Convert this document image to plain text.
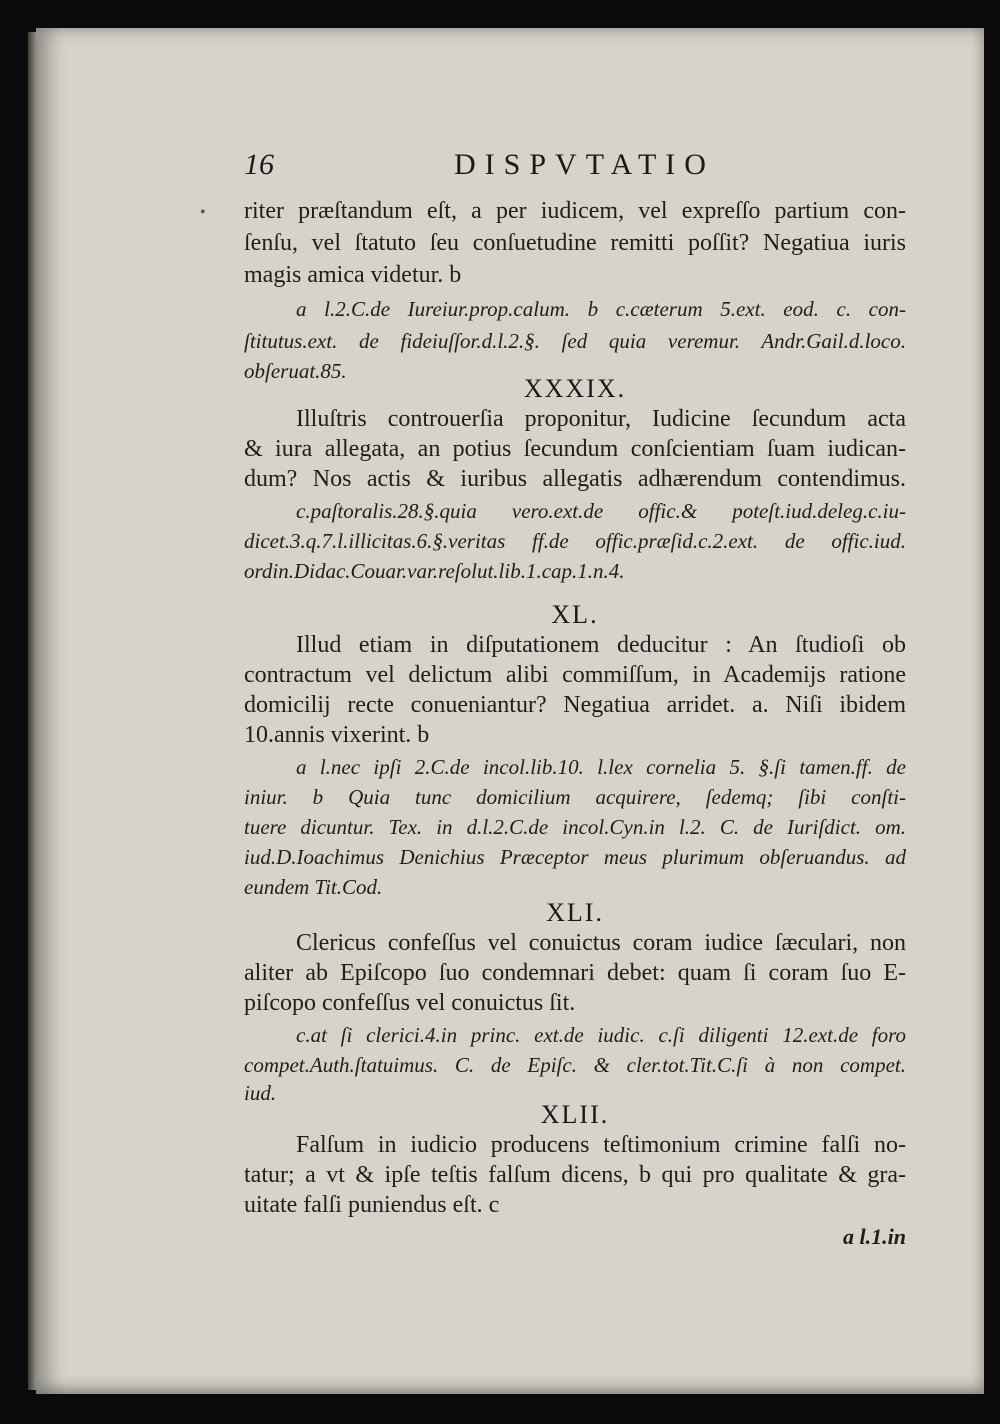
16	DISPVTATIO
• riter præſtandum eſt, a per iudicem, vel expreſſo partium con-
ſenſu, vel ſtatuto ſeu conſuetudine remitti poſſit? Negatiua iuris
magis amica videtur. b
a l.2.C.de Iureiur.prop.calum. b c.cæterum 5.ext. eod. c. con-
ſtitutus.ext. de fideiuſſor.d.l.2.§. ſed quia veremur. Andr.Gail.d.loco.
obſeruat.85.
XXXIX.
Illuſtris controuerſia proponitur, Iudicine ſecundum acta
& iura allegata, an potius ſecundum conſcientiam ſuam iudican-
dum? Nos actis & iuribus allegatis adhærendum contendimus.
c.paſtoralis.28.§.quia vero.ext.de offic.& poteſt.iud.deleg.c.iu-
dicet.3.q.7.l.illicitas.6.§.veritas ff.de offic.præſid.c.2.ext. de offic.iud.
ordin.Didac.Couar.var.reſolut.lib.1.cap.1.n.4.
XL.
Illud etiam in diſputationem deducitur : An ſtudioſi ob
contractum vel delictum alibi commiſſum, in Academijs ratione
domicilij recte conueniantur? Negatiua arridet. a. Niſi ibidem
10.annis vixerint. b
a l.nec ipſi 2.C.de incol.lib.10. l.lex cornelia 5. §.ſi tamen.ff. de
iniur. b Quia tunc domicilium acquirere, ſedemq; ſibi conſti-
tuere dicuntur. Tex. in d.l.2.C.de incol.Cyn.in l.2. C. de Iuriſdict. om.
iud.D.Ioachimus Denichius Præceptor meus plurimum obſeruandus. ad
eundem Tit.Cod.
XLI.
Clericus confeſſus vel conuictus coram iudice ſæculari, non
aliter ab Epiſcopo ſuo condemnari debet: quam ſi coram ſuo E-
piſcopo confeſſus vel conuictus ſit.
c.at ſi clerici.4.in princ. ext.de iudic. c.ſi diligenti 12.ext.de foro
compet.Auth.ſtatuimus. C. de Epiſc. & cler.tot.Tit.C.ſi à non compet.
iud.
XLII.
Falſum in iudicio producens teſtimonium crimine falſi no-
tatur; a vt & ipſe teſtis falſum dicens, b qui pro qualitate & gra-
uitate falſi puniendus eſt. c
a l.1.in
